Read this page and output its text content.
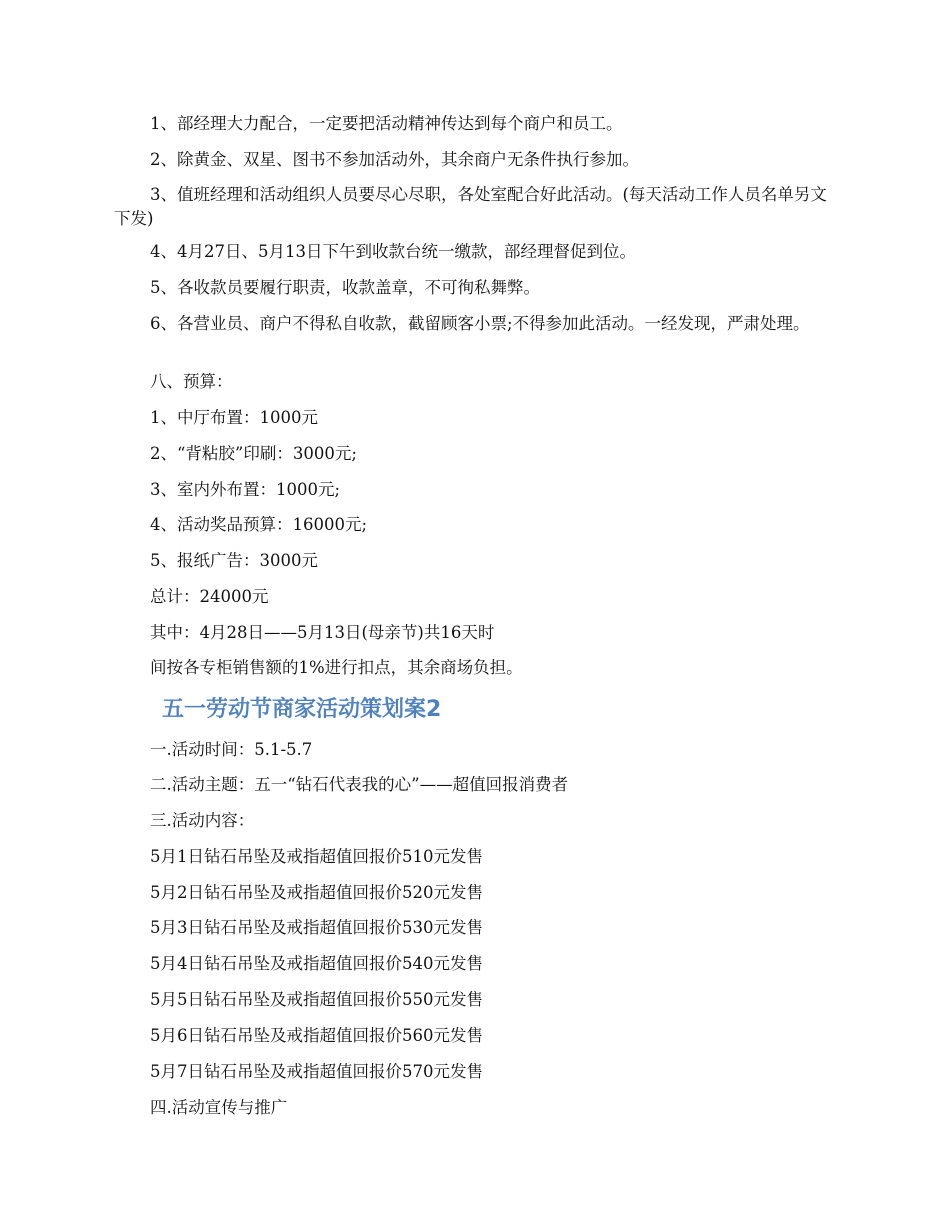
1、部经理大力配合，一定要把活动精神传达到每个商户和员工。

2、除黄金、双星、图书不参加活动外，其余商户无条件执行参加。

3、值班经理和活动组织人员要尽心尽职，各处室配合好此活动。(每天活动工作人员名单另文下发)

4、4月27日、5月13日下午到收款台统一缴款，部经理督促到位。

5、各收款员要履行职责，收款盖章，不可徇私舞弊。

6、各营业员、商户不得私自收款，截留顾客小票;不得参加此活动。一经发现，严肃处理。

八、预算：

1、中厅布置：1000元

2、“背粘胶”印刷：3000元;

3、室内外布置：1000元;

4、活动奖品预算：16000元;

5、报纸广告：3000元

总计：24000元

其中：4月28日——5月13日(母亲节)共16天时

间按各专柜销售额的1%进行扣点，其余商场负担。

五一劳动节商家活动策划案2

一.活动时间：5.1-5.7

二.活动主题：五一“钻石代表我的心”——超值回报消费者

三.活动内容：

5月1日钻石吊坠及戒指超值回报价510元发售

5月2日钻石吊坠及戒指超值回报价520元发售

5月3日钻石吊坠及戒指超值回报价530元发售

5月4日钻石吊坠及戒指超值回报价540元发售

5月5日钻石吊坠及戒指超值回报价550元发售

5月6日钻石吊坠及戒指超值回报价560元发售

5月7日钻石吊坠及戒指超值回报价570元发售

四.活动宣传与推广
